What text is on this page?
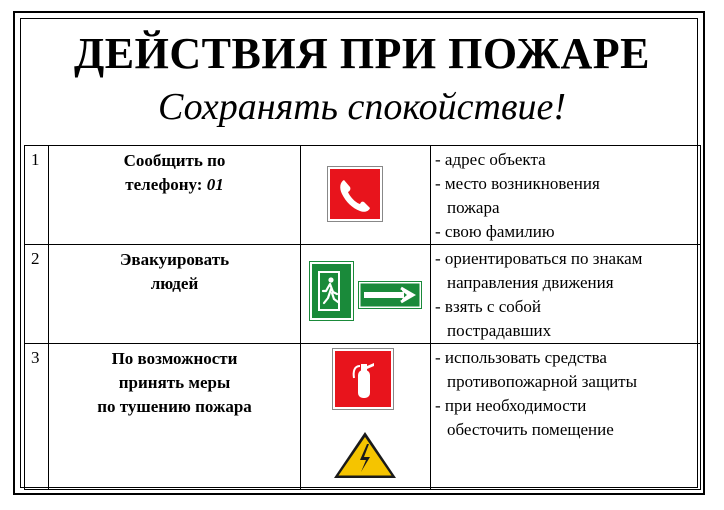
ДЕЙСТВИЯ ПРИ ПОЖАРЕ
Сохранять спокойствие!
1	Сообщить по
телефону: 01		- адрес объекта
- место возникновения
пожара
- свою фамилию

2	Эвакуировать
людей		- ориентироваться по знакам
направления движения
- взять с собой
пострадавших

3	По возможности
принять меры
по тушению пожара		- использовать средства
противопожарной защиты
- при необходимости
обесточить помещение
